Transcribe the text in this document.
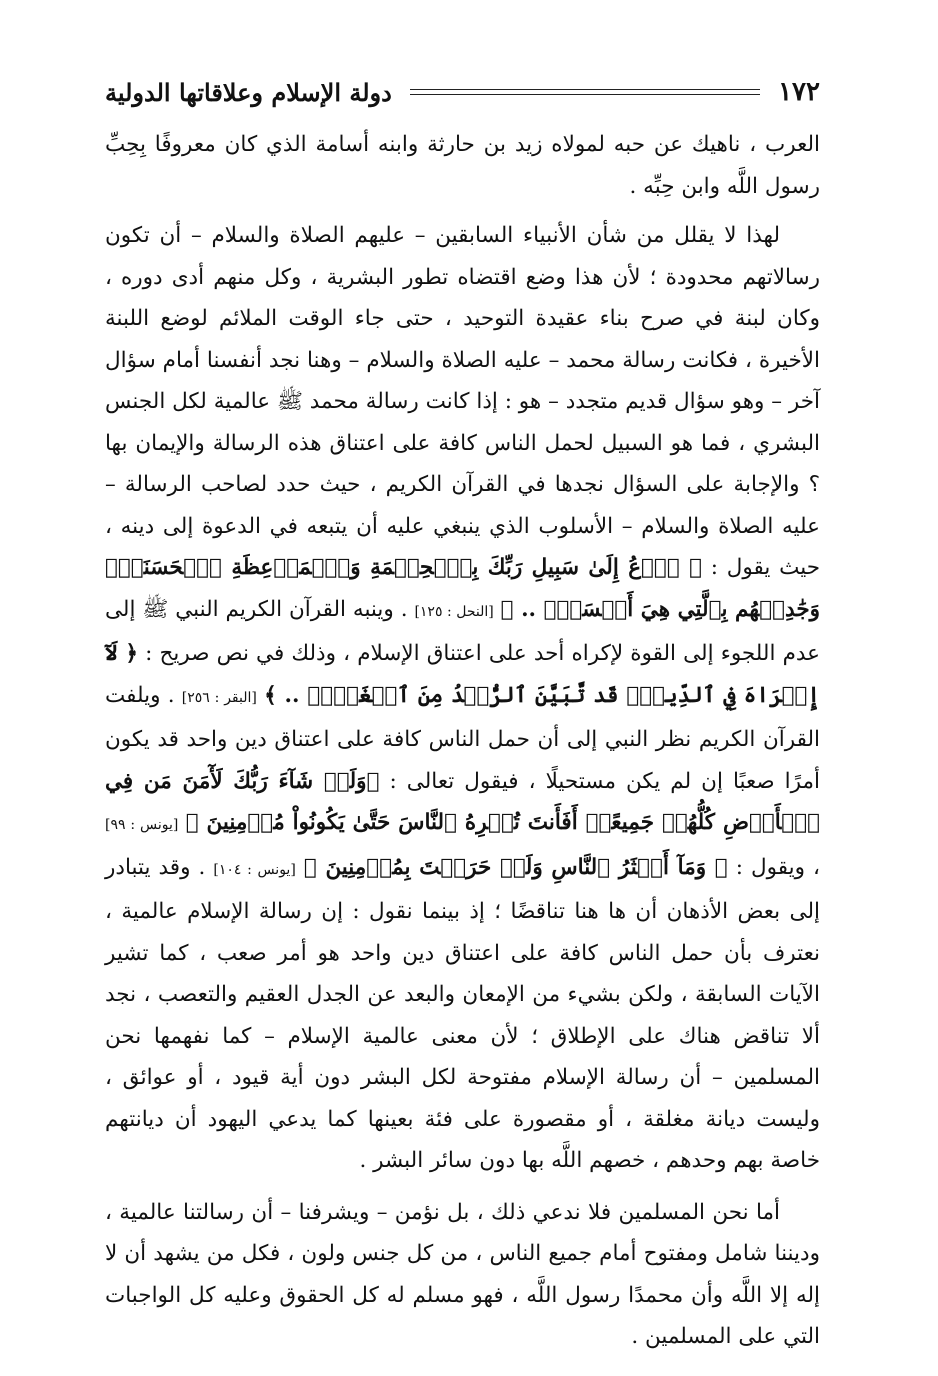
١٧٢
دولة الإسلام وعلاقاتها الدولية

العرب ، ناهيك عن حبه لمولاه زيد بن حارثة وابنه أسامة الذي كان معروفًا بِحِبِّ رسول اللَّه وابن حِبِّه .

لهذا لا يقلل من شأن الأنبياء السابقين – عليهم الصلاة والسلام – أن تكون رسالاتهم محدودة ؛ لأن هذا وضع اقتضاه تطور البشرية ، وكل منهم أدى دوره ، وكان لبنة في صرح بناء عقيدة التوحيد ، حتى جاء الوقت الملائم لوضع اللبنة الأخيرة ، فكانت رسالة محمد – عليه الصلاة والسلام – وهنا نجد أنفسنا أمام سؤال آخر – وهو سؤال قديم متجدد – هو : إذا كانت رسالة محمد ﷺ عالمية لكل الجنس البشري ، فما هو السبيل لحمل الناس كافة على اعتناق هذه الرسالة والإيمان بها ؟ والإجابة على السؤال نجدها في القرآن الكريم ، حيث حدد لصاحب الرسالة – عليه الصلاة والسلام – الأسلوب الذي ينبغي عليه أن يتبعه في الدعوة إلى دينه ، حيث يقول : ﴿ ٱدۡعُ إِلَىٰ سَبِيلِ رَبِّكَ بِٱلۡحِكۡمَةِ وَٱلۡمَوۡعِظَةِ ٱلۡحَسَنَةِۖ وَجَٰدِلۡهُم بِٱلَّتِي هِيَ أَحۡسَنُۚ .. ﴾ [النحل : ١٢٥] . وينبه القرآن الكريم النبي ﷺ إلى عدم اللجوء إلى القوة لإكراه أحد على اعتناق الإسلام ، وذلك في نص صريح : ﴿ لَآ إِكۡرَاهَ فِي ٱلدِّينِۖ قَد تَّبَيَّنَ ٱلرُّشۡدُ مِنَ ٱلۡغَيِّۚ .. ﴾ [البقر : ٢٥٦] . ويلفت القرآن الكريم نظر النبي إلى أن حمل الناس كافة على اعتناق دين واحد قد يكون أمرًا صعبًا إن لم يكن مستحيلًا ، فيقول تعالى : ﴿وَلَوۡ شَآءَ رَبُّكَ لَأٓمَنَ مَن فِي ٱلۡأَرۡضِ كُلُّهُمۡ جَمِيعًاۚ أَفَأَنتَ تُكۡرِهُ ٱلنَّاسَ حَتَّىٰ يَكُونُواْ مُؤۡمِنِينَ ﴾ [يونس : ٩٩] ، ويقول : ﴿ وَمَآ أَكۡثَرُ ٱلنَّاسِ وَلَوۡ حَرَصۡتَ بِمُؤۡمِنِينَ ﴾ [يونس : ١٠٤] . وقد يتبادر إلى بعض الأذهان أن ها هنا تناقضًا ؛ إذ بينما نقول : إن رسالة الإسلام عالمية ، نعترف بأن حمل الناس كافة على اعتناق دين واحد هو أمر صعب ، كما تشير الآيات السابقة ، ولكن بشيء من الإمعان والبعد عن الجدل العقيم والتعصب ، نجد ألا تناقض هناك على الإطلاق ؛ لأن معنى عالمية الإسلام – كما نفهمها نحن المسلمين – أن رسالة الإسلام مفتوحة لكل البشر دون أية قيود ، أو عوائق ، وليست ديانة مغلقة ، أو مقصورة على فئة بعينها كما يدعي اليهود أن ديانتهم خاصة بهم وحدهم ، خصهم اللَّه بها دون سائر البشر .

أما نحن المسلمين فلا ندعي ذلك ، بل نؤمن – ويشرفنا – أن رسالتنا عالمية ، وديننا شامل ومفتوح أمام جميع الناس ، من كل جنس ولون ، فكل من يشهد أن لا إله إلا اللَّه وأن محمدًا رسول اللَّه ، فهو مسلم له كل الحقوق وعليه كل الواجبات التي على المسلمين .
